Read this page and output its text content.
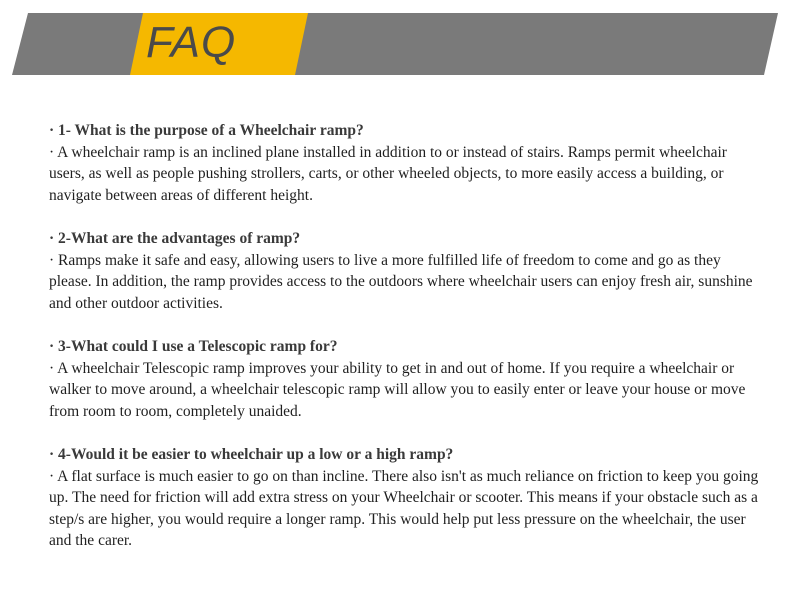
FAQ

· 1- What is the purpose of a Wheelchair ramp?

· A wheelchair ramp is an inclined plane installed in addition to or instead of stairs. Ramps permit wheelchair users, as well as people pushing strollers, carts, or other wheeled objects, to more easily access a building, or navigate between areas of different height.

· 2-What are the advantages of ramp?

· Ramps make it safe and easy, allowing users to live a more fulfilled life of freedom to come and go as they please. In addition, the ramp provides access to the outdoors where wheelchair users can enjoy fresh air, sunshine and other outdoor activities.

· 3-What could I use a Telescopic ramp for?

· A wheelchair Telescopic ramp improves your ability to get in and out of home. If you require a wheelchair or walker to move around, a wheelchair telescopic ramp will allow you to easily enter or leave your house or move from room to room, completely unaided.

· 4-Would it be easier to wheelchair up a low or a high ramp?

· A flat surface is much easier to go on than incline. There also isn't as much reliance on friction to keep you going up. The need for friction will add extra stress on your Wheelchair or scooter. This means if your obstacle such as a step/s are higher, you would require a longer ramp. This would help put less pressure on the wheelchair, the user and the carer.
